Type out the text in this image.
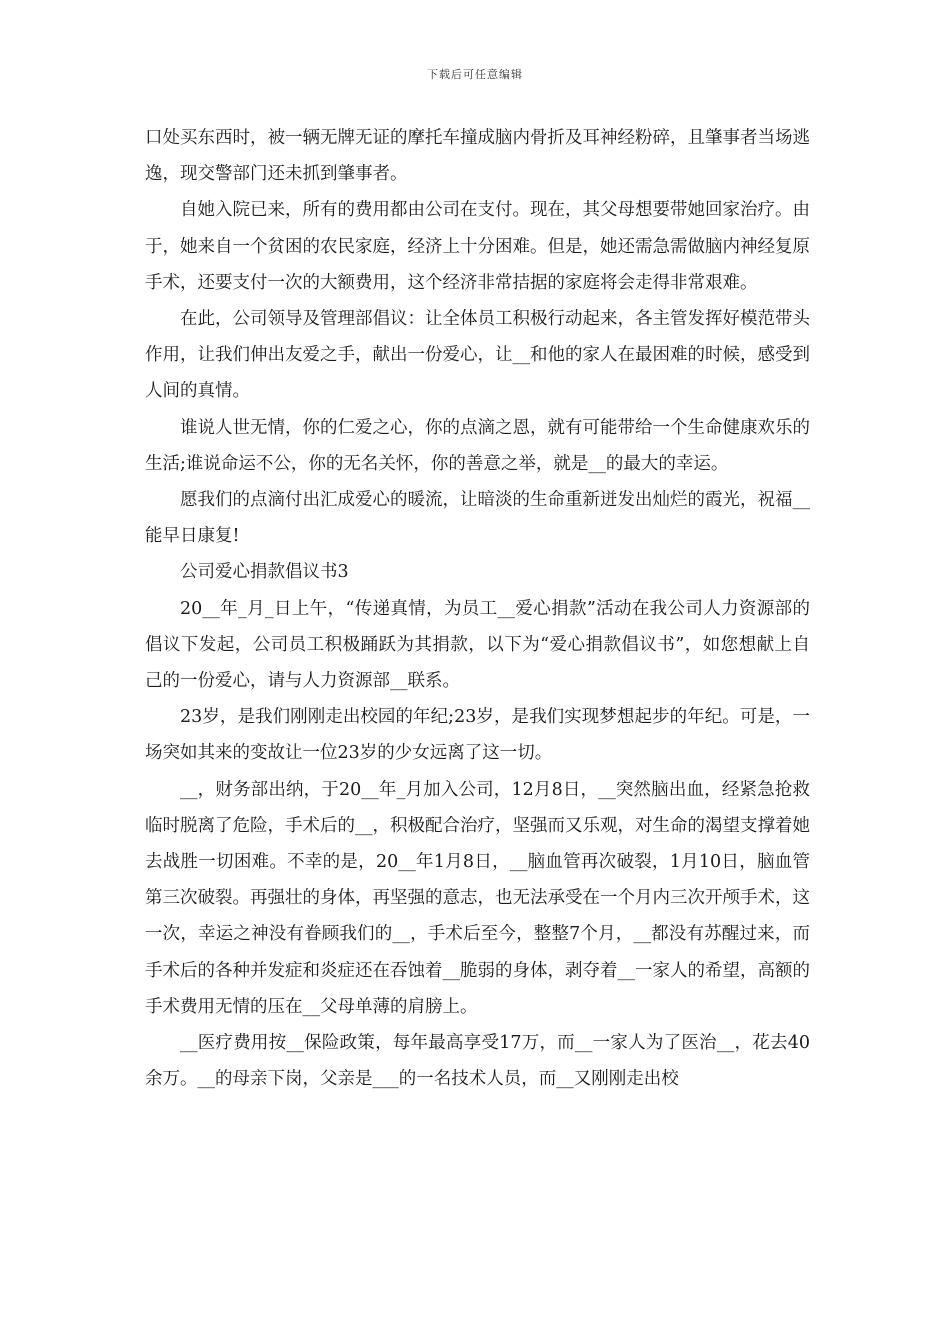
下载后可任意编辑

口处买东西时，被一辆无牌无证的摩托车撞成脑内骨折及耳神经粉碎，且肇事者当场逃逸，现交警部门还未抓到肇事者。

自她入院已来，所有的费用都由公司在支付。现在，其父母想要带她回家治疗。由于，她来自一个贫困的农民家庭，经济上十分困难。但是，她还需急需做脑内神经复原手术，还要支付一次的大额费用，这个经济非常拮据的家庭将会走得非常艰难。

在此，公司领导及管理部倡议：让全体员工积极行动起来，各主管发挥好模范带头作用，让我们伸出友爱之手，献出一份爱心，让__和他的家人在最困难的时候，感受到人间的真情。

谁说人世无情，你的仁爱之心，你的点滴之恩，就有可能带给一个生命健康欢乐的生活;谁说命运不公，你的无名关怀，你的善意之举，就是__的最大的幸运。

愿我们的点滴付出汇成爱心的暖流，让暗淡的生命重新迸发出灿烂的霞光，祝福__能早日康复!

公司爱心捐款倡议书3

20__年_月_日上午，“传递真情，为员工__爱心捐款”活动在我公司人力资源部的倡议下发起，公司员工积极踊跃为其捐款，以下为“爱心捐款倡议书”，如您想献上自己的一份爱心，请与人力资源部__联系。

23岁，是我们刚刚走出校园的年纪;23岁，是我们实现梦想起步的年纪。可是，一场突如其来的变故让一位23岁的少女远离了这一切。

__，财务部出纳，于20__年_月加入公司，12月8日，__突然脑出血，经紧急抢救临时脱离了危险，手术后的__，积极配合治疗，坚强而又乐观，对生命的渴望支撑着她去战胜一切困难。不幸的是，20__年1月8日，__脑血管再次破裂，1月10日，脑血管第三次破裂。再强壮的身体，再坚强的意志，也无法承受在一个月内三次开颅手术，这一次，幸运之神没有眷顾我们的__，手术后至今，整整7个月，__都没有苏醒过来，而手术后的各种并发症和炎症还在吞蚀着__脆弱的身体，剥夺着__一家人的希望，高额的手术费用无情的压在__父母单薄的肩膀上。

__医疗费用按__保险政策，每年最高享受17万，而__一家人为了医治__，花去40余万。__的母亲下岗，父亲是___的一名技术人员，而__又刚刚走出校
